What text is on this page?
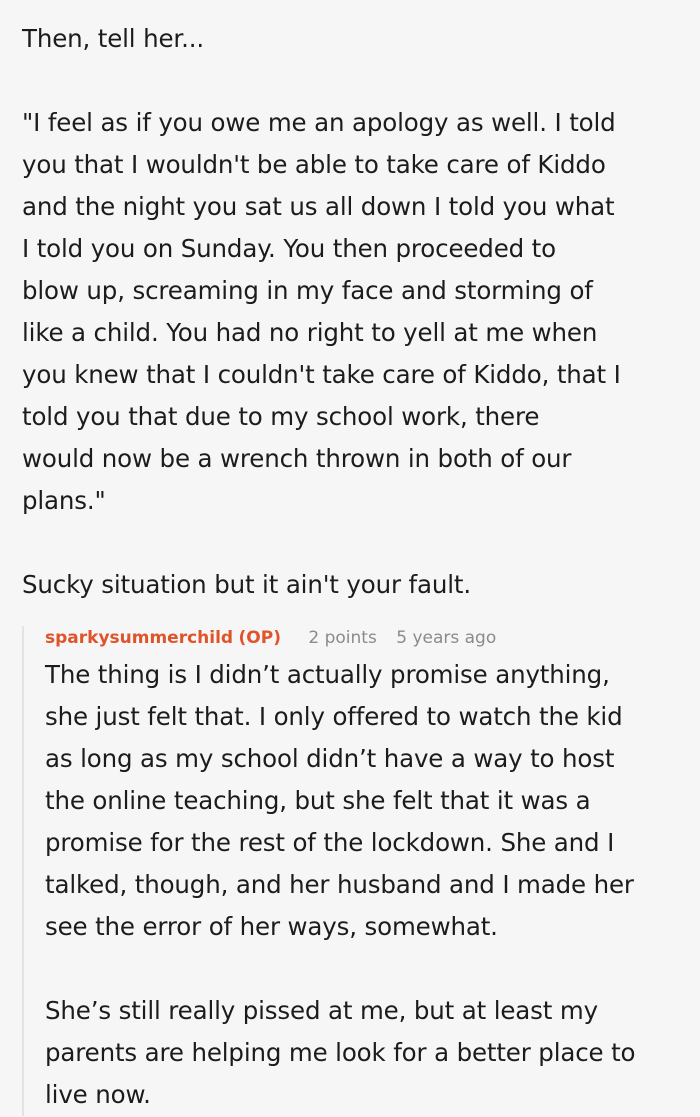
Then, tell her...

"I feel as if you owe me an apology as well. I told
you that I wouldn't be able to take care of Kiddo
and the night you sat us all down I told you what
I told you on Sunday. You then proceeded to
blow up, screaming in my face and storming of
like a child. You had no right to yell at me when
you knew that I couldn't take care of Kiddo, that I
told you that due to my school work, there
would now be a wrench thrown in both of our
plans."

Sucky situation but it ain't your fault.

sparkysummerchild (OP) 2 points 5 years ago

The thing is I didn’t actually promise anything,
she just felt that. I only offered to watch the kid
as long as my school didn’t have a way to host
the online teaching, but she felt that it was a
promise for the rest of the lockdown. She and I
talked, though, and her husband and I made her
see the error of her ways, somewhat.

She’s still really pissed at me, but at least my
parents are helping me look for a better place to
live now.
